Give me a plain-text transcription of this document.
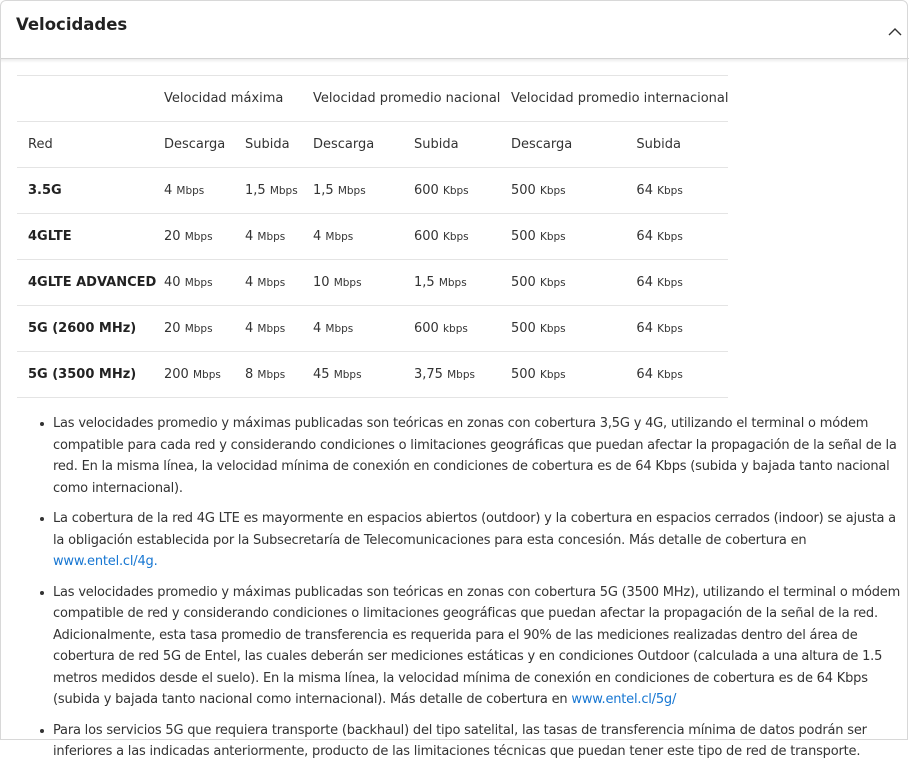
Velocidades
	Velocidad máxima		Velocidad promedio nacional		Velocidad promedio internacional	
Red	Descarga	Subida	Descarga	Subida	Descarga	Subida
3.5G	4 Mbps	1,5 Mbps	1,5 Mbps	600 Kbps	500 Kbps	64 Kbps
4GLTE	20 Mbps	4 Mbps	4 Mbps	600 Kbps	500 Kbps	64 Kbps
4GLTE ADVANCED	40 Mbps	4 Mbps	10 Mbps	1,5 Mbps	500 Kbps	64 Kbps
5G (2600 MHz)	20 Mbps	4 Mbps	4 Mbps	600 kbps	500 Kbps	64 Kbps
5G (3500 MHz)	200 Mbps	8 Mbps	45 Mbps	3,75 Mbps	500 Kbps	64 Kbps
Las velocidades promedio y máximas publicadas son teóricas en zonas con cobertura 3,5G y 4G, utilizando el terminal o módem compatible para cada red y considerando condiciones o limitaciones geográficas que puedan afectar la propagación de la señal de la red. En la misma línea, la velocidad mínima de conexión en condiciones de cobertura es de 64 Kbps (subida y bajada tanto nacional como internacional).
La cobertura de la red 4G LTE es mayormente en espacios abiertos (outdoor) y la cobertura en espacios cerrados (indoor) se ajusta a la obligación establecida por la Subsecretaría de Telecomunicaciones para esta concesión. Más detalle de cobertura en www.entel.cl/4g.
Las velocidades promedio y máximas publicadas son teóricas en zonas con cobertura 5G (3500 MHz), utilizando el terminal o módem compatible de red y considerando condiciones o limitaciones geográficas que puedan afectar la propagación de la señal de la red. Adicionalmente, esta tasa promedio de transferencia es requerida para el 90% de las mediciones realizadas dentro del área de cobertura de red 5G de Entel, las cuales deberán ser mediciones estáticas y en condiciones Outdoor (calculada a una altura de 1.5 metros medidos desde el suelo). En la misma línea, la velocidad mínima de conexión en condiciones de cobertura es de 64 Kbps (subida y bajada tanto nacional como internacional). Más detalle de cobertura en www.entel.cl/5g/
Para los servicios 5G que requiera transporte (backhaul) del tipo satelital, las tasas de transferencia mínima de datos podrán ser inferiores a las indicadas anteriormente, producto de las limitaciones técnicas que puedan tener este tipo de red de transporte.
